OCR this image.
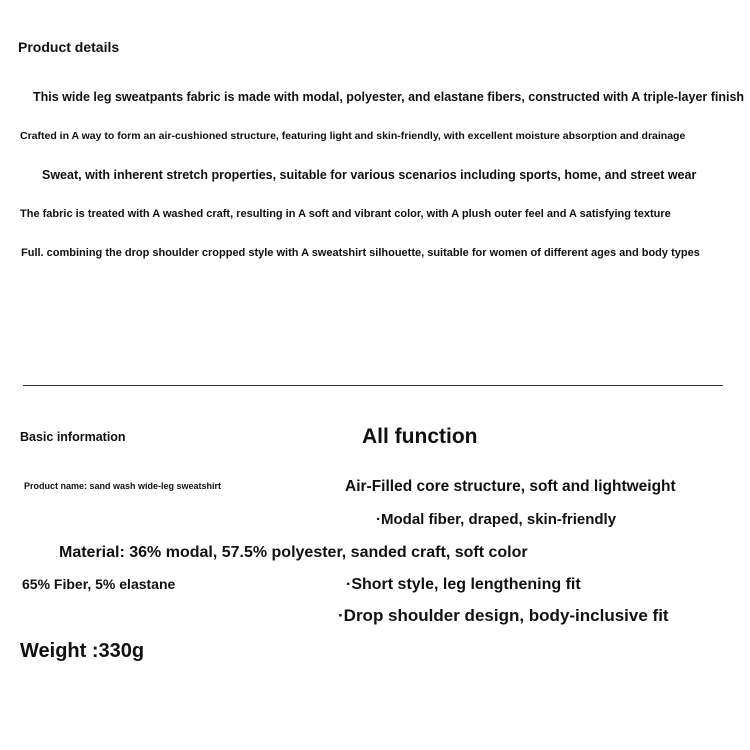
Product details

This wide leg sweatpants fabric is made with modal, polyester, and elastane fibers, constructed with A triple-layer finish

Crafted in A way to form an air-cushioned structure, featuring light and skin-friendly, with excellent moisture absorption and drainage

Sweat, with inherent stretch properties, suitable for various scenarios including sports, home, and street wear

The fabric is treated with A washed craft, resulting in A soft and vibrant color, with A plush outer feel and A satisfying texture

Full. combining the drop shoulder cropped style with A sweatshirt silhouette, suitable for women of different ages and body types

Basic information

Product name: sand wash wide-leg sweatshirt

Material: 36% modal, 57.5% polyester, sanded craft, soft color

65% Fiber, 5% elastane

Weight :330g

All function

Air-Filled core structure, soft and lightweight

·Modal fiber, draped, skin-friendly

·Short style, leg lengthening fit

·Drop shoulder design, body-inclusive fit
